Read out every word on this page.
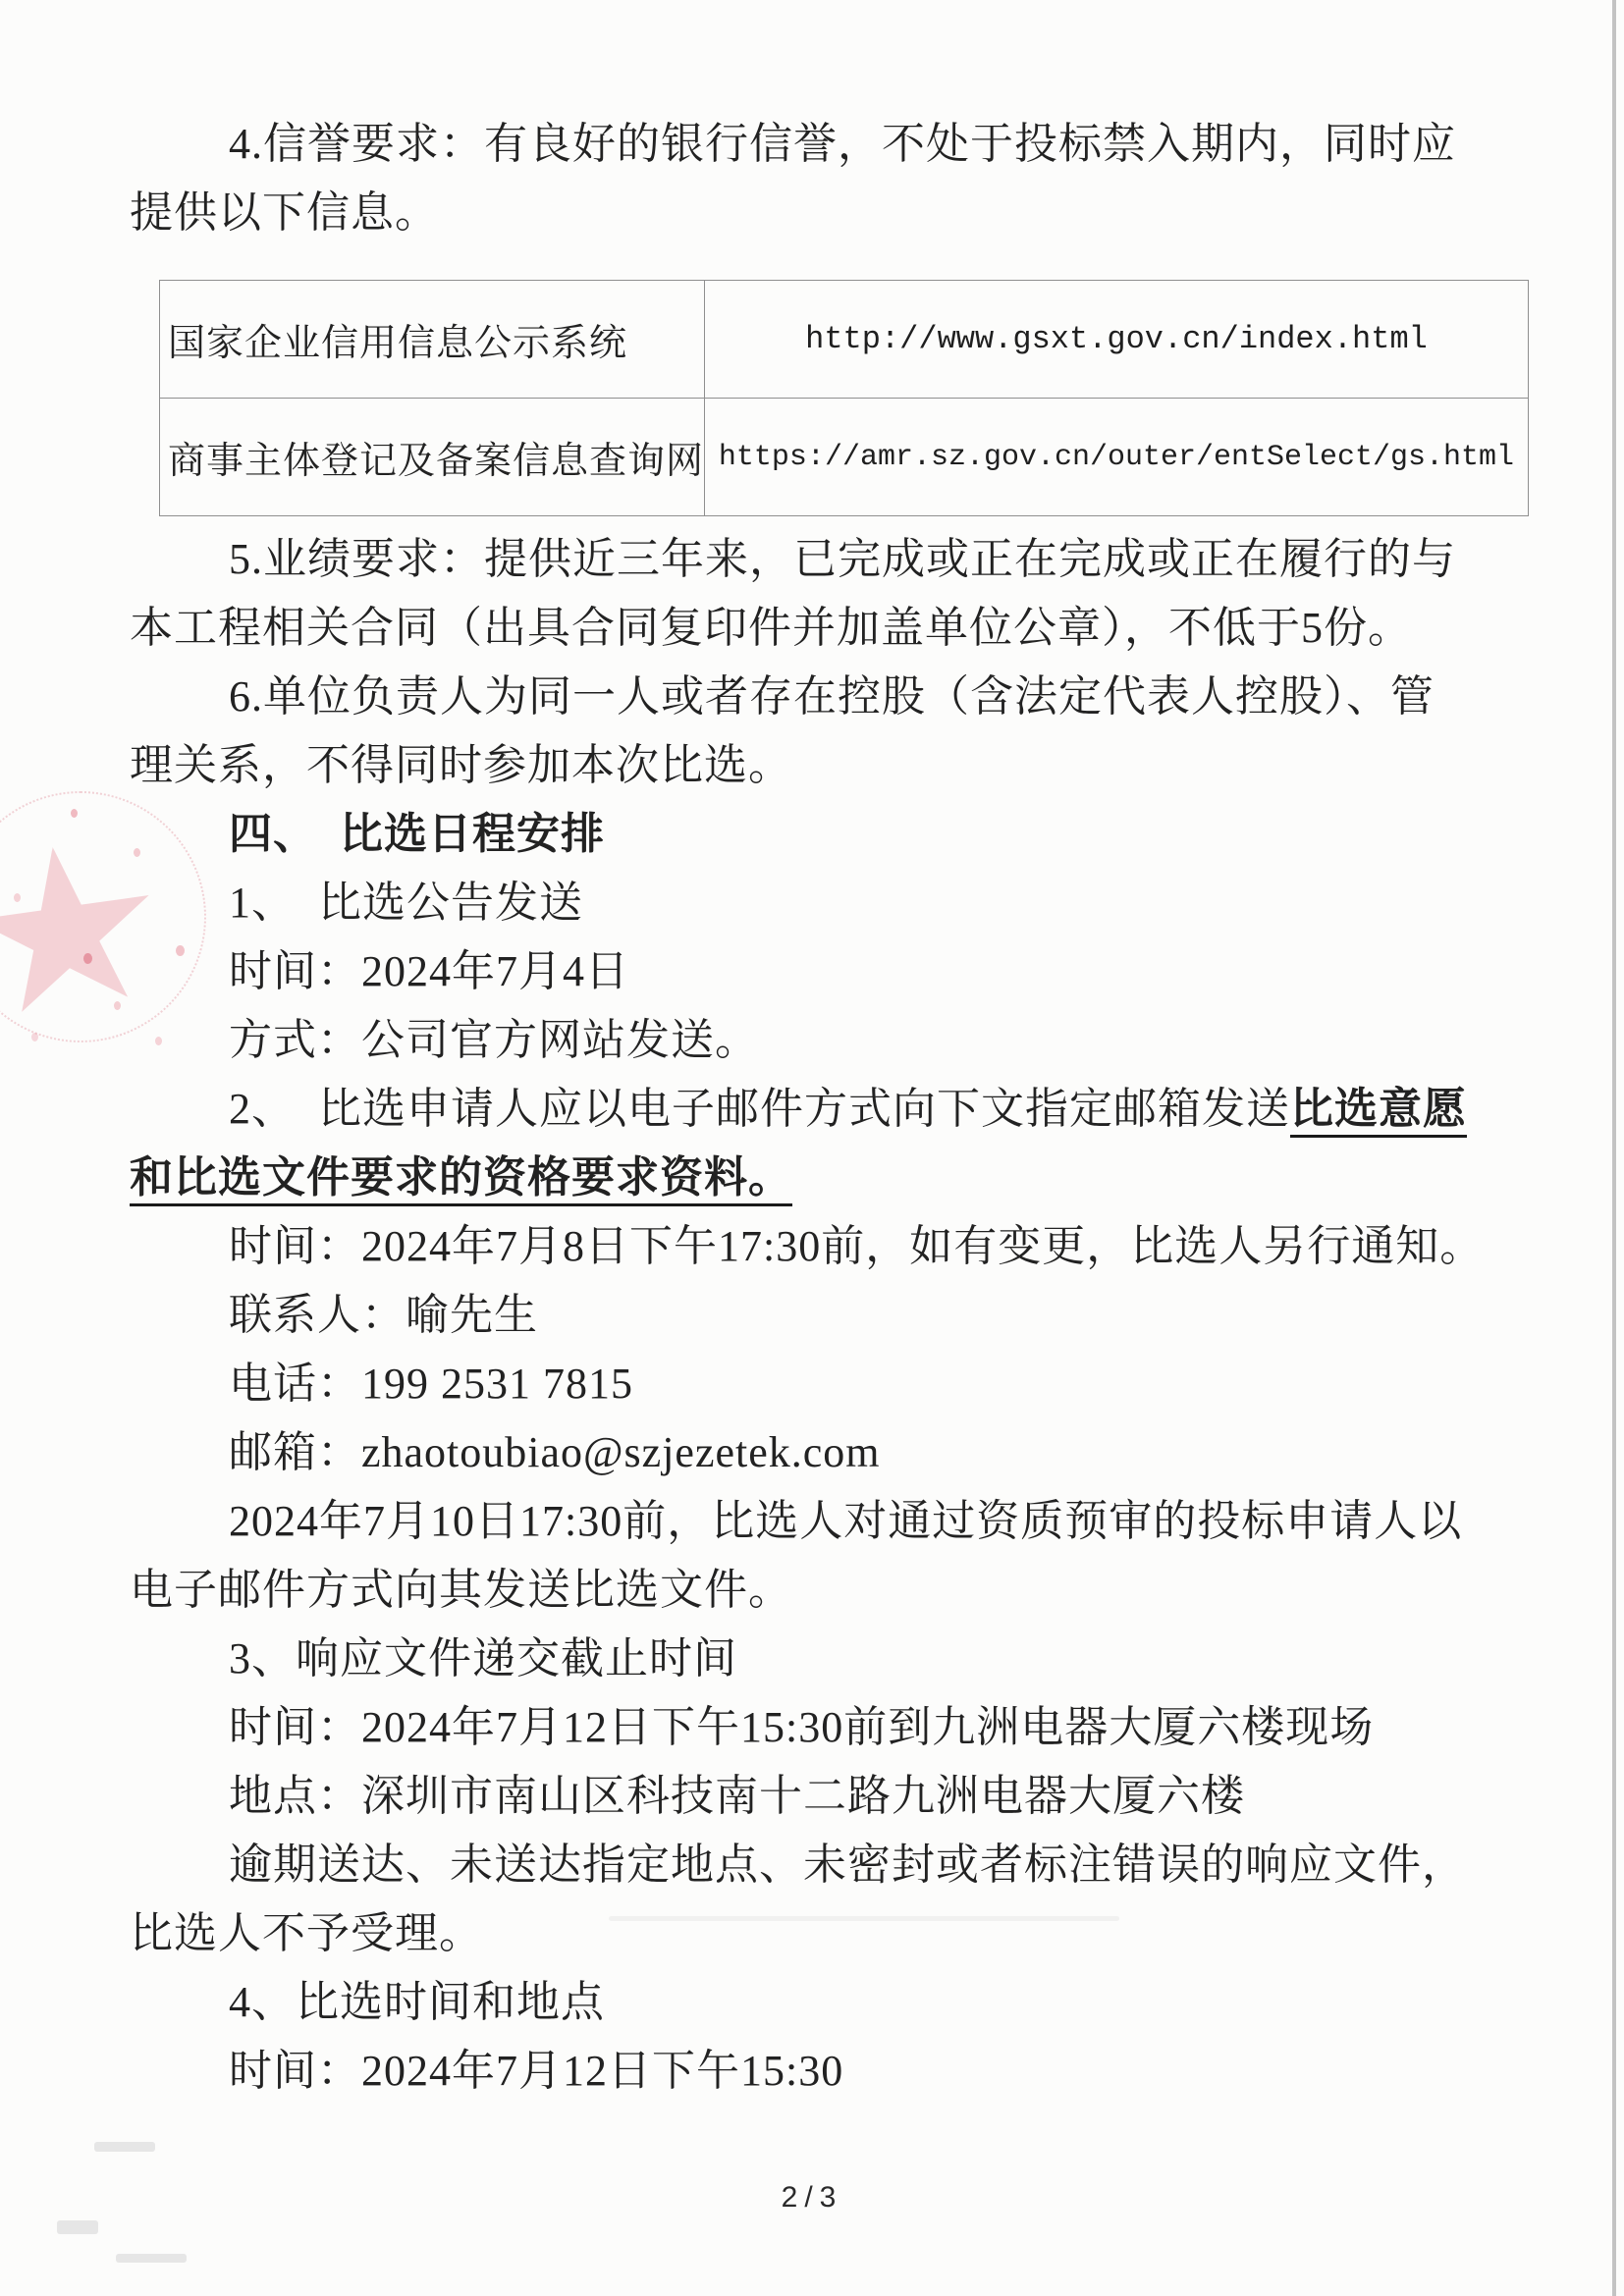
4.信誉要求：有良好的银行信誉，不处于投标禁入期内，同时应

提供以下信息。

国家企业信用信息公示系统	http://www.gsxt.gov.cn/index.html
商事主体登记及备案信息查询网	https://amr.sz.gov.cn/outer/entSelect/gs.html

5.业绩要求：提供近三年来，已完成或正在完成或正在履行的与

本工程相关合同（出具合同复印件并加盖单位公章），不低于5份。

6.单位负责人为同一人或者存在控股（含法定代表人控股）、管

理关系，不得同时参加本次比选。

四、　比选日程安排

1、　比选公告发送

时间：2024年7月4日

方式：公司官方网站发送。

2、　比选申请人应以电子邮件方式向下文指定邮箱发送比选意愿

和比选文件要求的资格要求资料。

时间：2024年7月8日下午17:30前，如有变更，比选人另行通知。

联系人：喻先生

电话：199 2531 7815

邮箱：zhaotoubiao@szjezetek.com

2024年7月10日17:30前，比选人对通过资质预审的投标申请人以

电子邮件方式向其发送比选文件。

3、响应文件递交截止时间

时间：2024年7月12日下午15:30前到九洲电器大厦六楼现场

地点：深圳市南山区科技南十二路九洲电器大厦六楼

逾期送达、未送达指定地点、未密封或者标注错误的响应文件，

比选人不予受理。

4、比选时间和地点

时间：2024年7月12日下午15:30

2/3
